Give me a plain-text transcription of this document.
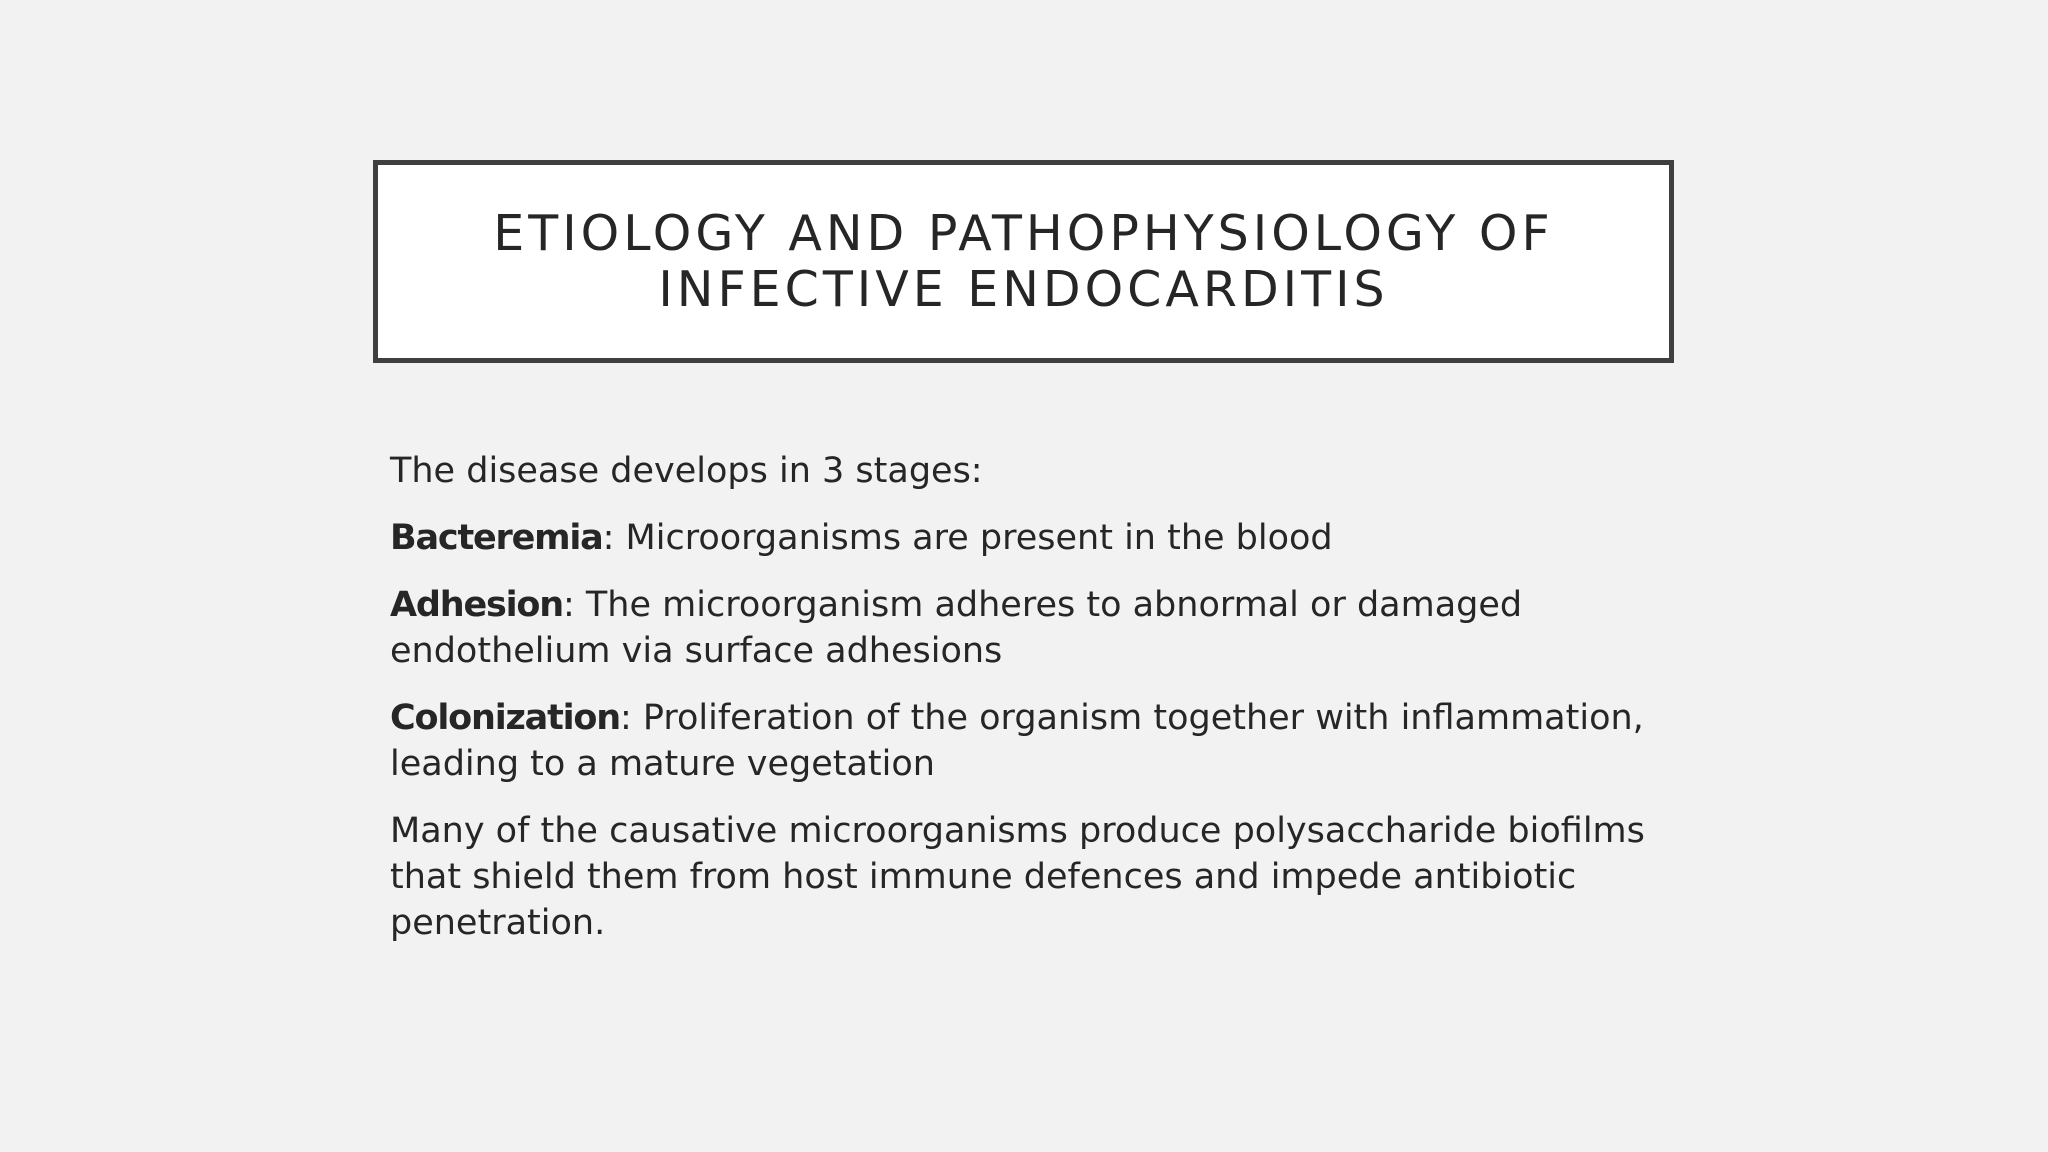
ETIOLOGY AND PATHOPHYSIOLOGY OF
INFECTIVE ENDOCARDITIS
The disease develops in 3 stages:
Bacteremia: Microorganisms are present in the blood
Adhesion: The microorganism adheres to abnormal or damaged
endothelium via surface adhesions
Colonization: Proliferation of the organism together with inflammation,
leading to a mature vegetation
Many of the causative microorganisms produce polysaccharide biofilms
that shield them from host immune defences and impede antibiotic
penetration.
